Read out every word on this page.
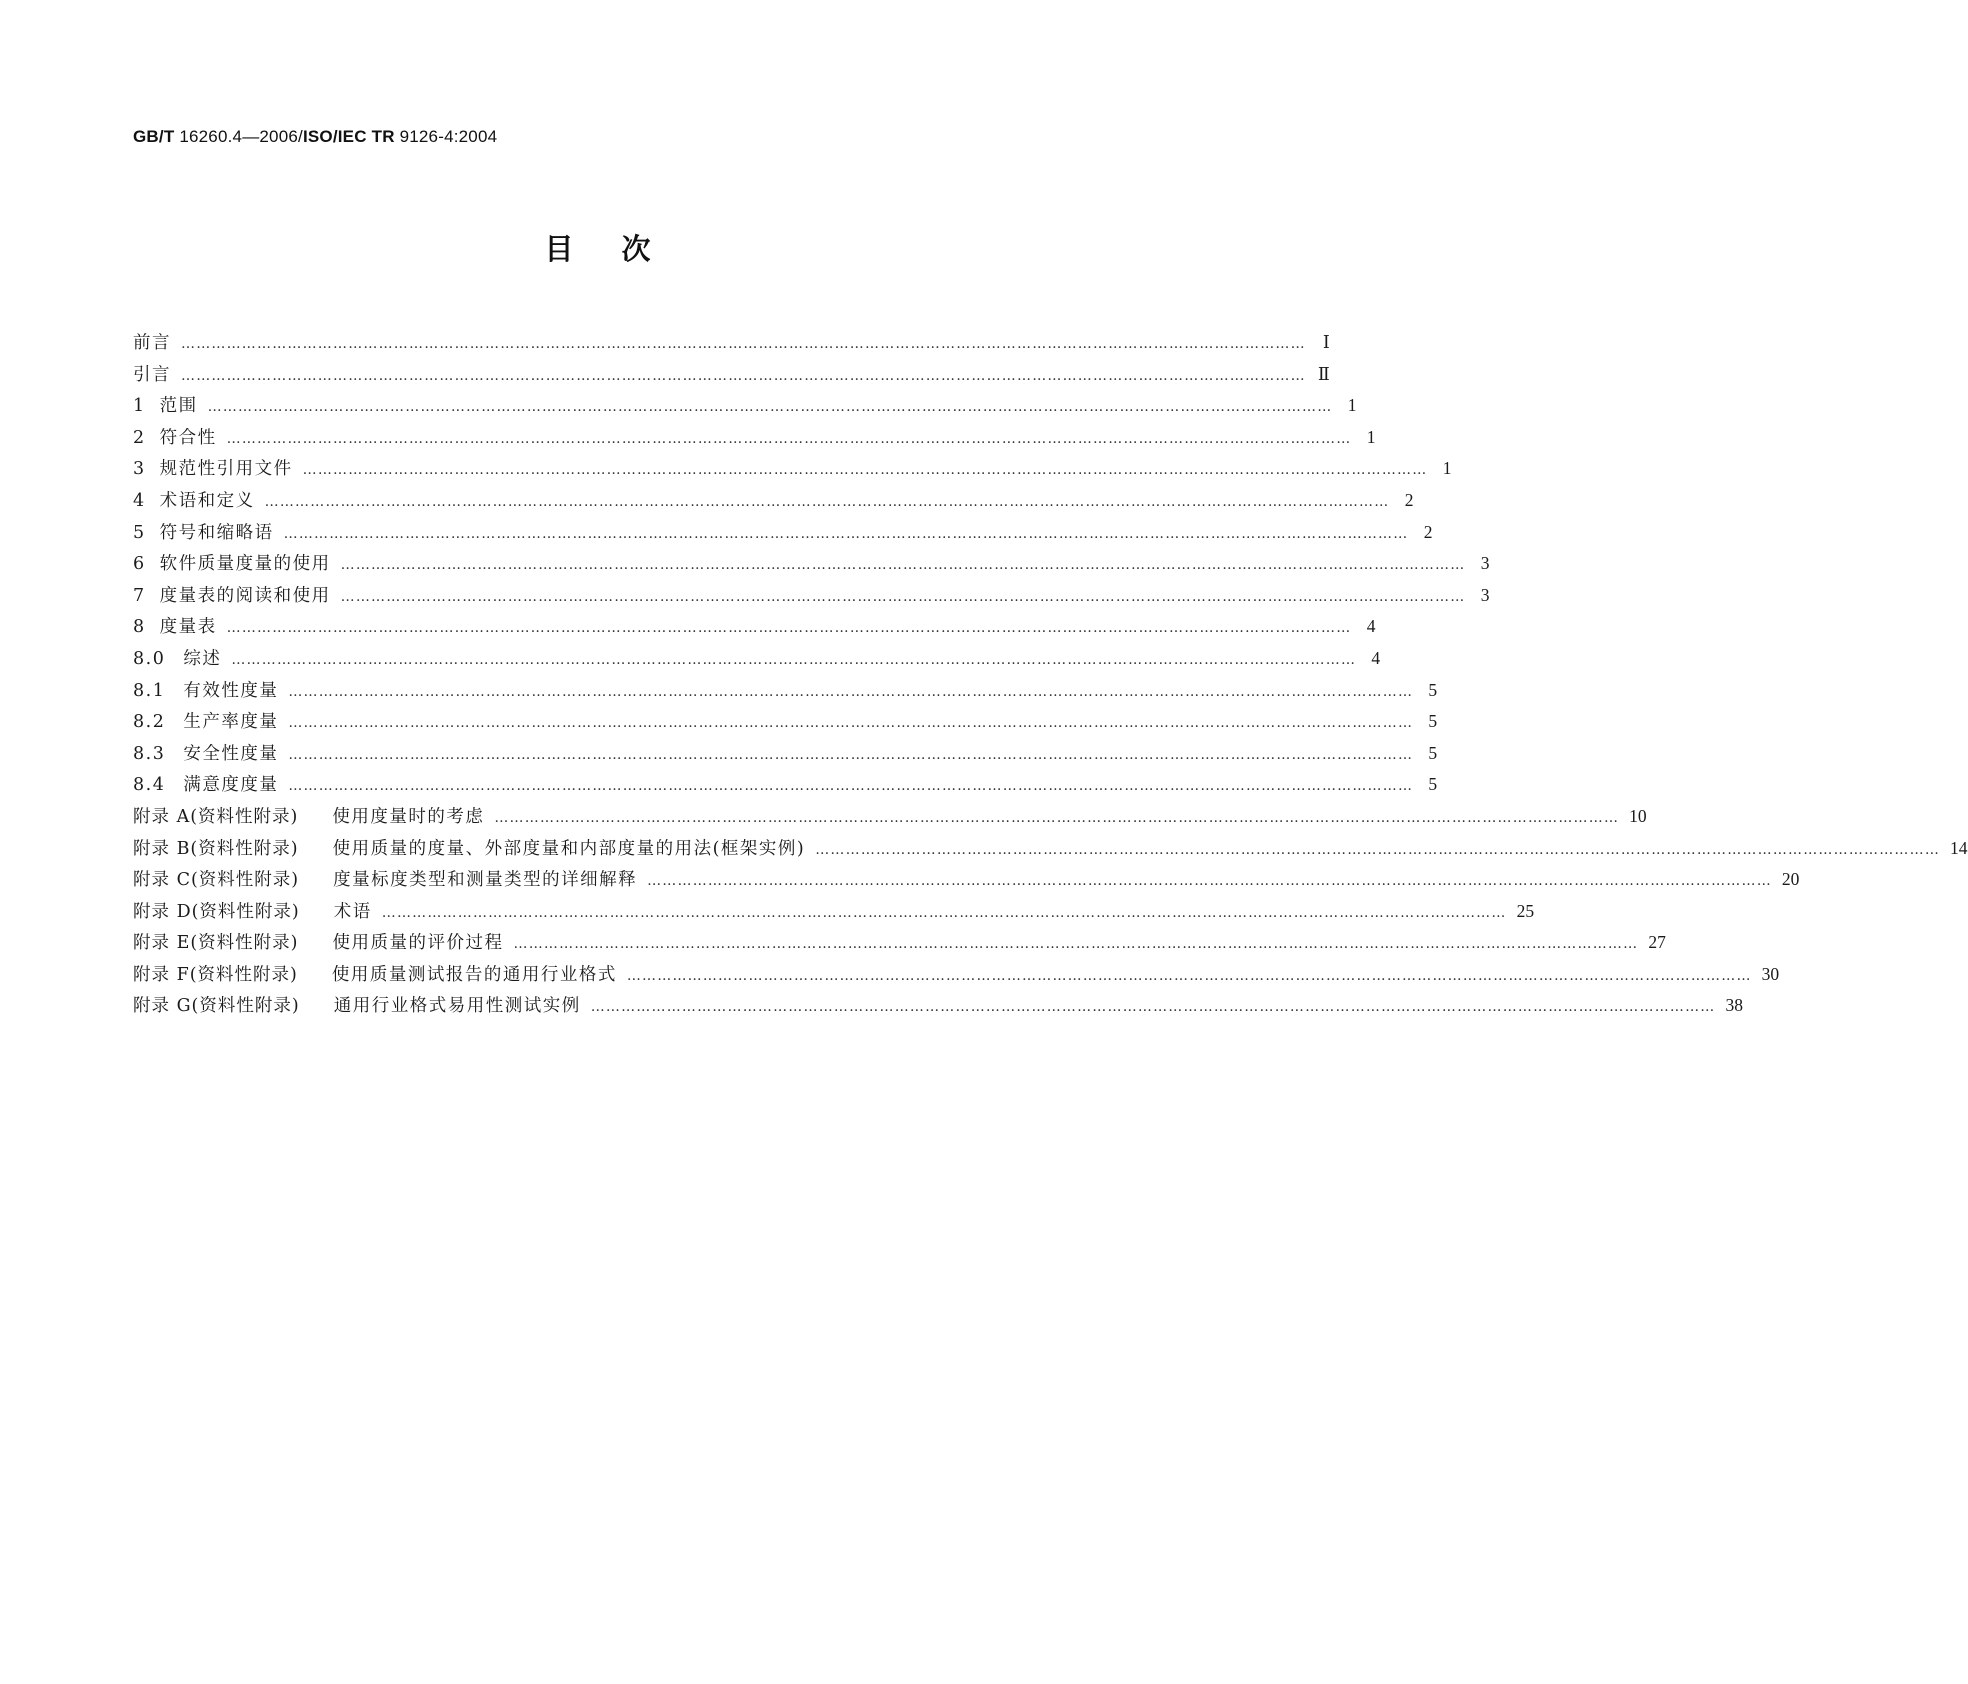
GB/T 16260.4—2006/ISO/IEC TR 9126-4:2004
目次
前言 …………………………………………………………………………………………………………………………………………………………………………………………………… Ⅰ
引言 …………………………………………………………………………………………………………………………………………………………………………………………………… Ⅱ
1 范围 …………………………………………………………………………………………………………………………………………………………………………………………………… 1
2 符合性 …………………………………………………………………………………………………………………………………………………………………………………………………… 1
3 规范性引用文件 …………………………………………………………………………………………………………………………………………………………………………………………………… 1
4 术语和定义 …………………………………………………………………………………………………………………………………………………………………………………………………… 2
5 符号和缩略语 …………………………………………………………………………………………………………………………………………………………………………………………………… 2
6 软件质量度量的使用 …………………………………………………………………………………………………………………………………………………………………………………………………… 3
7 度量表的阅读和使用 …………………………………………………………………………………………………………………………………………………………………………………………………… 3
8 度量表 …………………………………………………………………………………………………………………………………………………………………………………………………… 4
8.0 综述 …………………………………………………………………………………………………………………………………………………………………………………………………… 4
8.1 有效性度量 …………………………………………………………………………………………………………………………………………………………………………………………………… 5
8.2 生产率度量 …………………………………………………………………………………………………………………………………………………………………………………………………… 5
8.3 安全性度量 …………………………………………………………………………………………………………………………………………………………………………………………………… 5
8.4 满意度度量 …………………………………………………………………………………………………………………………………………………………………………………………………… 5
附录 A(资料性附录) 使用度量时的考虑 …………………………………………………………………………………………………………………………………………………………………………………………………… 10
附录 B(资料性附录) 使用质量的度量、外部度量和内部度量的用法(框架实例) …………………………………………………………………………………………………………………………………………………………………………………………………… 14
附录 C(资料性附录) 度量标度类型和测量类型的详细解释 …………………………………………………………………………………………………………………………………………………………………………………………………… 20
附录 D(资料性附录) 术语 …………………………………………………………………………………………………………………………………………………………………………………………………… 25
附录 E(资料性附录) 使用质量的评价过程 …………………………………………………………………………………………………………………………………………………………………………………………………… 27
附录 F(资料性附录) 使用质量测试报告的通用行业格式 …………………………………………………………………………………………………………………………………………………………………………………………………… 30
附录 G(资料性附录) 通用行业格式易用性测试实例 …………………………………………………………………………………………………………………………………………………………………………………………………… 38
